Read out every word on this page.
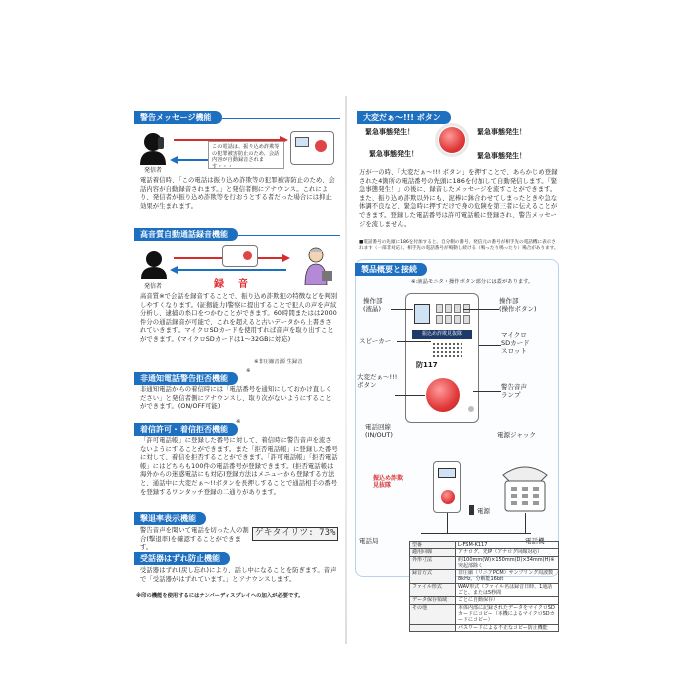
警告メッセージ機能
発信者
この電話は、振り込め詐欺等の犯罪被害防止のため、会話内容が自動録音されます・・・
電話着信時、「この電話は振り込め詐欺等の犯罪被害防止のため、会話内容が自動録音されます。」と発信者側にアナウンス。これにより、発信者が振り込め詐欺等を行おうとする者だった場合には抑止効果が生まれます。
高音質自動通話録音機能
発信者	録　音
高音質※で会話を録音することで、振り込め詐欺犯の特徴などを判別しやすくなります。(証拠能力)警察に提出することで犯人の声を声紋分析し、逮捕の糸口をつかむことができます。60時間またはは2000件分の通話録音が可能で、これを超えると古いデータから上書きされていきます。マイクロSDカードを使用すれば音声を取り出すことができます。(マイクロSDカードは1～32GBに対応)
※非圧縮音源 生録音
非通知電話警告拒否機能
※
非通知電話からの着信時には「電話番号を通知にしておかけ直しください」と発信者側にアナウンスし、取り次がないようにすることができます。(ON/OFF可能)
着信許可・着信拒否機能
※
「許可電話帳」に登録した番号に対して、着信時に警告音声を流さないようにすることができます。また「拒否電話帳」に登録した番号に対して、着信を拒否することができます。「許可電話帳」「拒否電話帳」にはどちらも100件の電話番号が登録できます。(拒否電話帳は海外からの迷惑電話にも対応)登録方法はメニューから登録する方法と、通話中に大変だぁ～!!ボタンを長押しすることで通話相手の番号を登録するワンタッチ登録の二通りがあります。
撃退率表示機能
警告音声を聞いて電話を切った人の割合(撃退率)を確認することができます。
ゲキタイリツ: 73%
受話器はずれ防止機能
受話器はずれ(戻し忘れ)により、話し中になることを防ぎます。音声で「受話器がはずれています。」とアナウンスします。
※印の機能を使用するにはナンバーディスプレイへの加入が必要です。
大変だぁ～!!! ボタン
緊急事態発生！	緊急事態発生！
緊急事態発生！	緊急事態発生！
万が一の時、「大変だぁ～!!! ボタン」を押すことで、あらかじめ登録された4箇所の電話番号の先頭に186を付加して自動発信します。「緊急事態発生！」の後に、録音したメッセージを流すことができます。また、振り込め詐欺以外にも、泥棒に鉢合わせてしまったときや急な体調不良など、緊急時に押すだけで身の危険を第三者に伝えることができます。登録した電話番号は許可電話帳に登録され、警告メッセージを流しません。
■電話番号の先頭に186を付加すると、自分側の番号、発信元の番号が相手先の電話機に表示されます（一部非対応）。相手先の電話番号が鳴動し続ける（鳴ったり鳴ったり）場合があります。
製品概要と接続
※:液晶モニタ・操作ボタン部分には蓋があります。
振込め詐欺見抜隊
防117
操作部
(液晶)
操作部
(操作ボタン)
スピーカー
マイクロ
SDカード
スロット
大変だぁ～!!!
ボタン	警告音声
ランプ
電話回線
(IN/OUT)	電源ジャック
振込め詐欺
見抜隊
電源
電話局	電話機
型番	L-FSM-K117
適用回線	アナログ、光IP（アナログ回線対応）
外形寸法	約100mm(W)×150mm(D)×34mm(H)※突起部除く
録音方式	非圧縮（リニアPCM）サンプリング周波数8kHz、分解能16bit
ファイル形式	WAV形式（ファイル名は録音日時、1通話ごと、または5秒間
データ保存領域	ごとに自動保存）
その他	本体内部に記録されたデータをマイクロSDカードにコピー（本機によるマイクロSDカードにコピー）
	パスワードによる不正なコピー防止機能
